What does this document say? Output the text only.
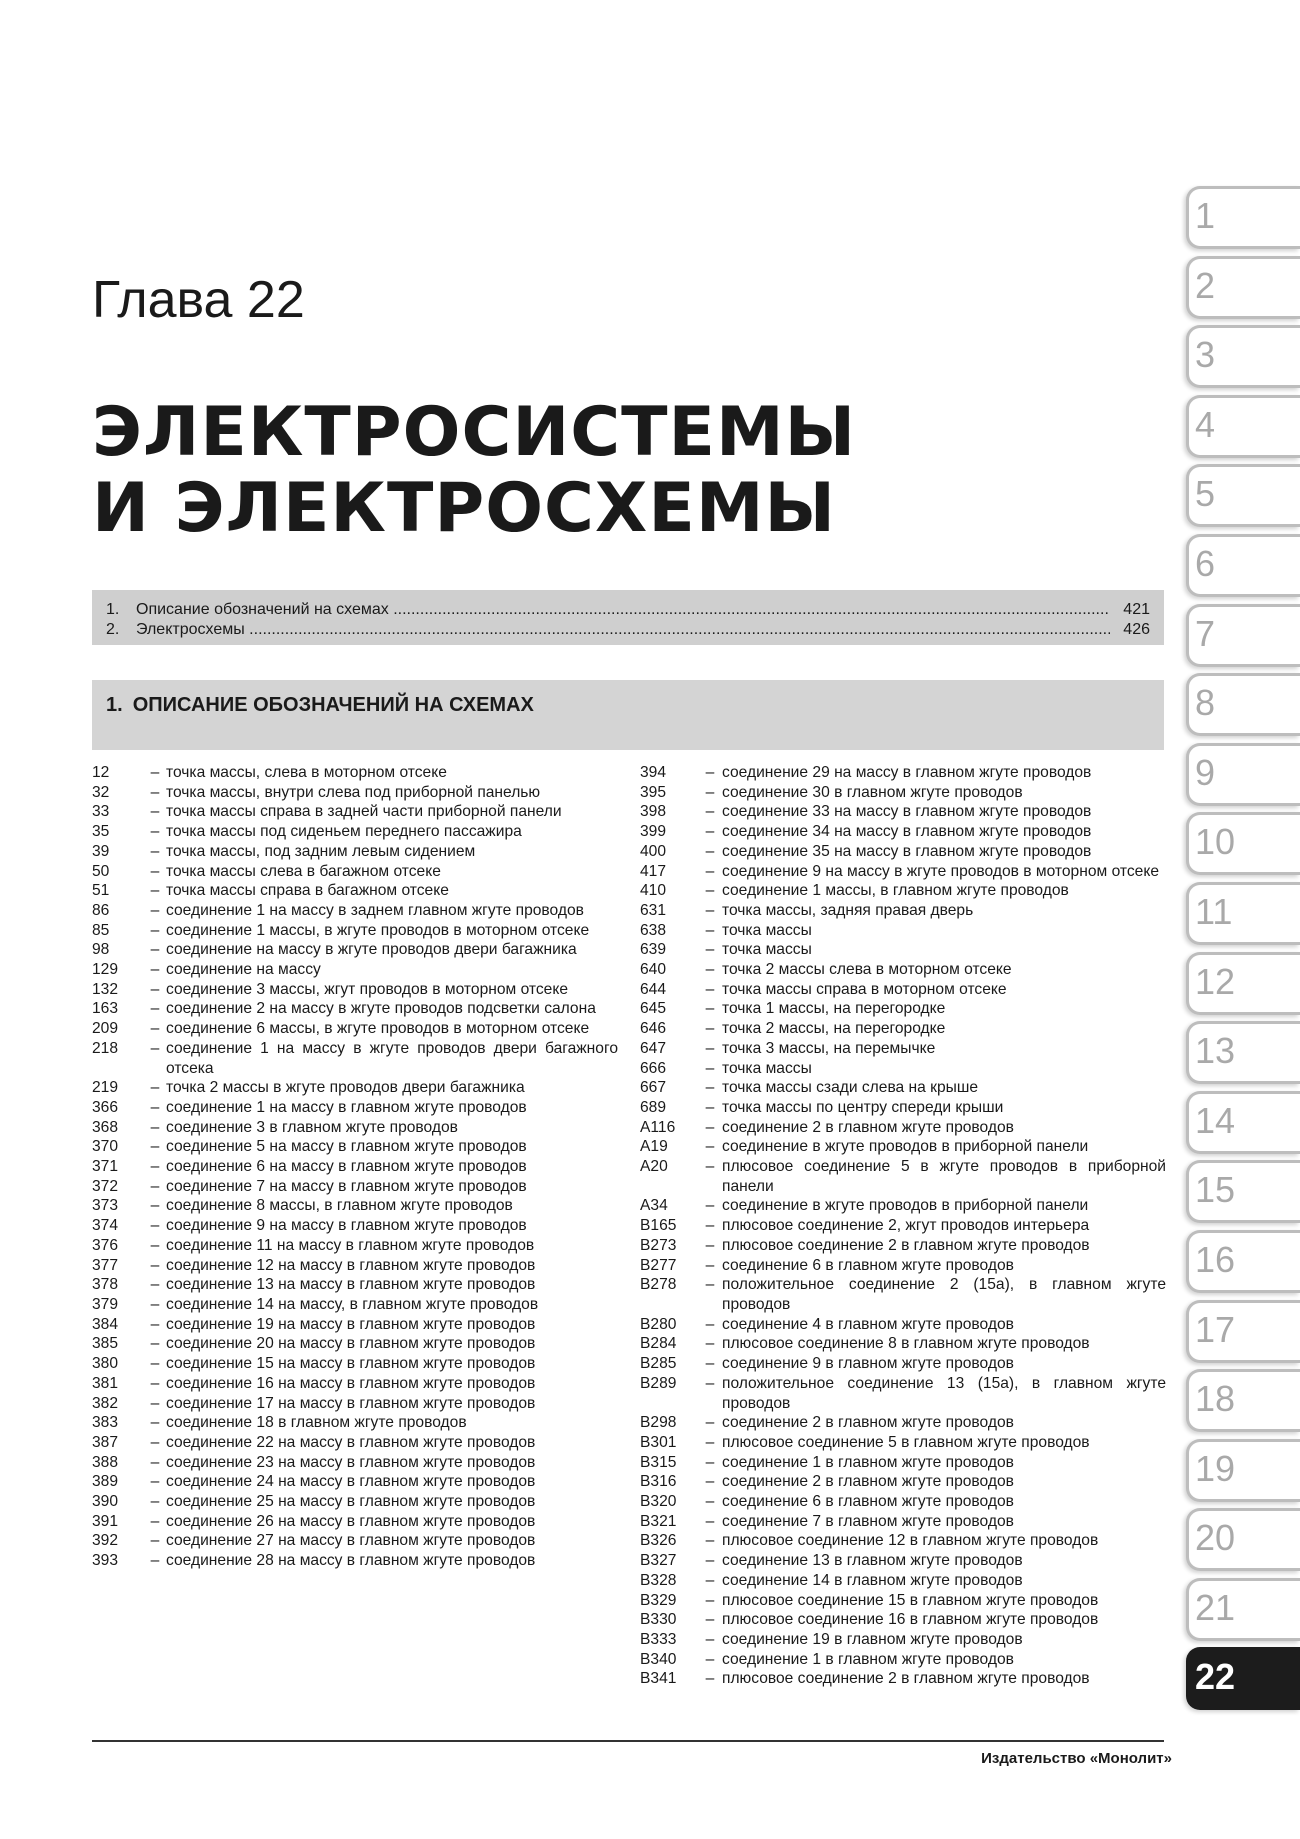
Глава 22
ЭЛЕКТРОСИСТЕМЫ
И ЭЛЕКТРОСХЕМЫ
1.	Описание обозначений на схемах .....	421
2.	Электросхемы .....	426
1. ОПИСАНИЕ ОБОЗНАЧЕНИЙ НА СХЕМАХ
12	– точка массы, слева в моторном отсеке
32	– точка массы, внутри слева под приборной панелью
33	– точка массы справа в задней части приборной панели
35	– точка массы под сиденьем переднего пассажира
39	– точка массы, под задним левым сидением
50	– точка массы слева в багажном отсеке
51	– точка массы справа в багажном отсеке
86	– соединение 1 на массу в заднем главном жгуте проводов
85	– соединение 1 массы, в жгуте проводов в моторном отсеке
98	– соединение на массу в жгуте проводов двери багажника
129	– соединение на массу
132	– соединение 3 массы, жгут проводов в моторном отсеке
163	– соединение 2 на массу в жгуте проводов подсветки салона
209	– соединение 6 массы, в жгуте проводов в моторном отсеке
218	– соединение 1 на массу в жгуте проводов двери багажного отсека
219	– точка 2 массы в жгуте проводов двери багажника
366	– соединение 1 на массу в главном жгуте проводов
368	– соединение 3 в главном жгуте проводов
370	– соединение 5 на массу в главном жгуте проводов
371	– соединение 6 на массу в главном жгуте проводов
372	– соединение 7 на массу в главном жгуте проводов
373	– соединение 8 массы, в главном жгуте проводов
374	– соединение 9 на массу в главном жгуте проводов
376	– соединение 11 на массу в главном жгуте проводов
377	– соединение 12 на массу в главном жгуте проводов
378	– соединение 13 на массу в главном жгуте проводов
379	– соединение 14 на массу, в главном жгуте проводов
384	– соединение 19 на массу в главном жгуте проводов
385	– соединение 20 на массу в главном жгуте проводов
380	– соединение 15 на массу в главном жгуте проводов
381	– соединение 16 на массу в главном жгуте проводов
382	– соединение 17 на массу в главном жгуте проводов
383	– соединение 18 в главном жгуте проводов
387	– соединение 22 на массу в главном жгуте проводов
388	– соединение 23 на массу в главном жгуте проводов
389	– соединение 24 на массу в главном жгуте проводов
390	– соединение 25 на массу в главном жгуте проводов
391	– соединение 26 на массу в главном жгуте проводов
392	– соединение 27 на массу в главном жгуте проводов
393	– соединение 28 на массу в главном жгуте проводов
394	– соединение 29 на массу в главном жгуте проводов
395	– соединение 30 в главном жгуте проводов
398	– соединение 33 на массу в главном жгуте проводов
399	– соединение 34 на массу в главном жгуте проводов
400	– соединение 35 на массу в главном жгуте проводов
417	– соединение 9 на массу в жгуте проводов в моторном отсеке
410	– соединение 1 массы, в главном жгуте проводов
631	– точка массы, задняя правая дверь
638	– точка массы
639	– точка массы
640	– точка 2 массы слева в моторном отсеке
644	– точка массы справа в моторном отсеке
645	– точка 1 массы, на перегородке
646	– точка 2 массы, на перегородке
647	– точка 3 массы, на перемычке
666	– точка массы
667	– точка массы сзади слева на крыше
689	– точка массы по центру спереди крыши
A116	– соединение 2 в главном жгуте проводов
A19	– соединение в жгуте проводов в приборной панели
A20	– плюсовое соединение 5 в жгуте проводов в приборной панели
A34	– соединение в жгуте проводов в приборной панели
B165	– плюсовое соединение 2, жгут проводов интерьера
B273	– плюсовое соединение 2 в главном жгуте проводов
B277	– соединение 6 в главном жгуте проводов
B278	– положительное соединение 2 (15а), в главном жгуте проводов
B280	– соединение 4 в главном жгуте проводов
B284	– плюсовое соединение 8 в главном жгуте проводов
B285	– соединение 9 в главном жгуте проводов
B289	– положительное соединение 13 (15а), в главном жгуте проводов
B298	– соединение 2 в главном жгуте проводов
B301	– плюсовое соединение 5 в главном жгуте проводов
B315	– соединение 1 в главном жгуте проводов
B316	– соединение 2 в главном жгуте проводов
B320	– соединение 6 в главном жгуте проводов
B321	– соединение 7 в главном жгуте проводов
B326	– плюсовое соединение 12 в главном жгуте проводов
B327	– соединение 13 в главном жгуте проводов
B328	– соединение 14 в главном жгуте проводов
B329	– плюсовое соединение 15 в главном жгуте проводов
B330	– плюсовое соединение 16 в главном жгуте проводов
B333	– соединение 19 в главном жгуте проводов
B340	– соединение 1 в главном жгуте проводов
B341	– плюсовое соединение 2 в главном жгуте проводов
Издательство «Монолит»
1
2
3
4
5
6
7
8
9
10
11
12
13
14
15
16
17
18
19
20
21
22
